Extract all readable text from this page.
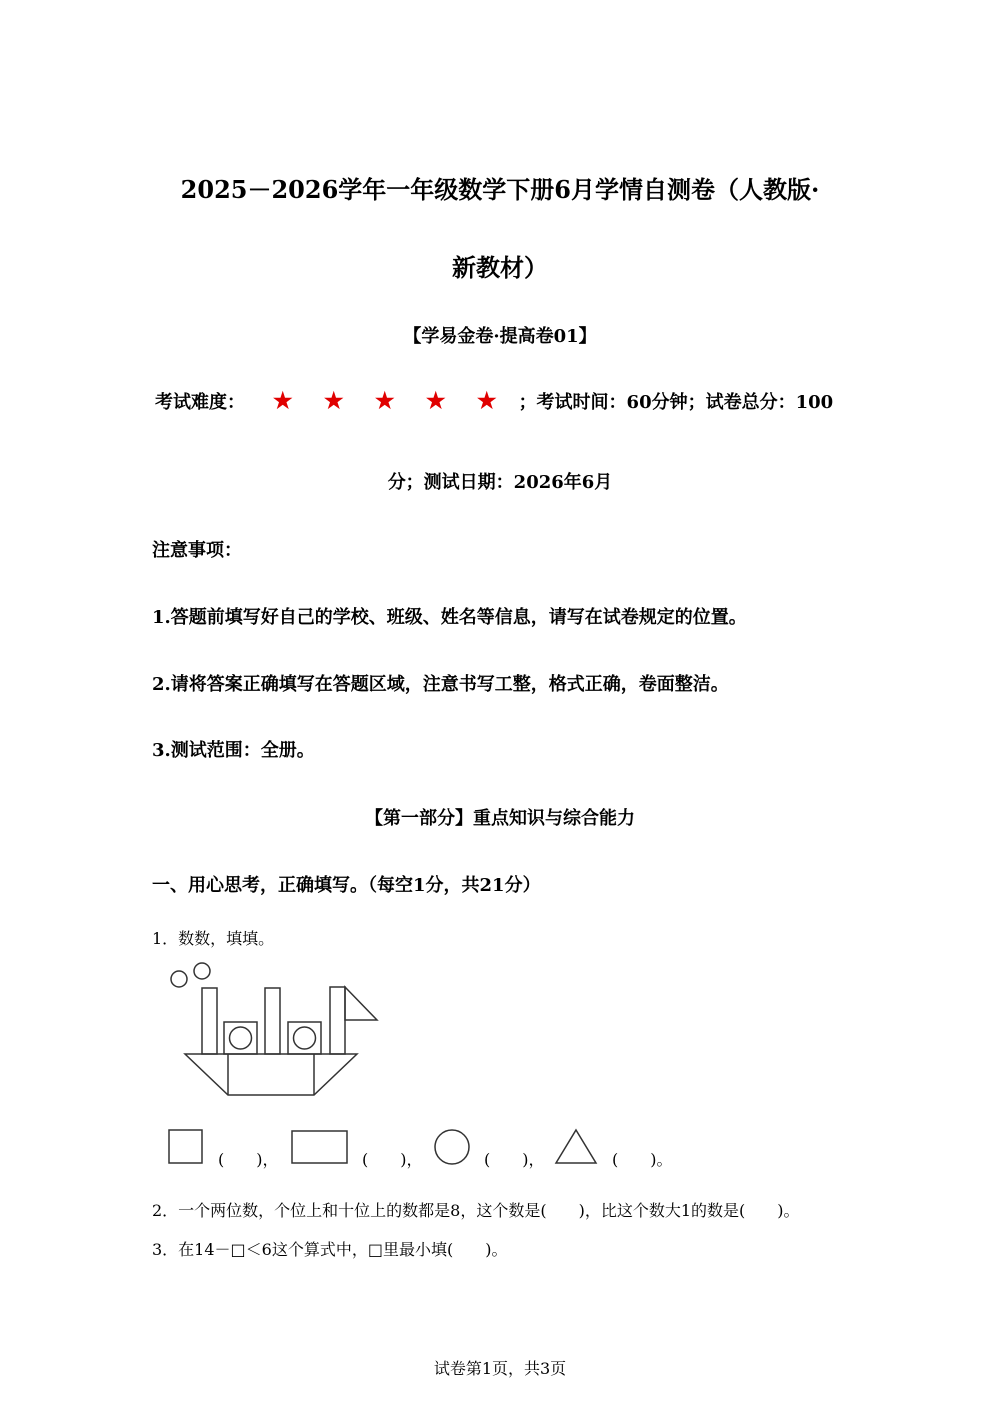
2025－2026学年一年级数学下册6月学情自测卷（人教版·
新教材）
【学易金卷·提高卷01】
考试难度： ★ ★ ★ ★ ★ ；考试时间：60分钟；试卷总分：100
分；测试日期：2026年6月
注意事项：
1.答题前填写好自己的学校、班级、姓名等信息，请写在试卷规定的位置。
2.请将答案正确填写在答题区域，注意书写工整，格式正确，卷面整洁。
3.测试范围：全册。
【第一部分】重点知识与综合能力
一、用心思考，正确填写。（每空1分，共21分）
1．数数，填填。
(　　)，	(　　)，	(　　)，	(　　)。
2．一个两位数，个位上和十位上的数都是8，这个数是(　　)，比这个数大1的数是(　　)。
3．在14－□＜6这个算式中，□里最小填(　　)。
试卷第1页，共3页
